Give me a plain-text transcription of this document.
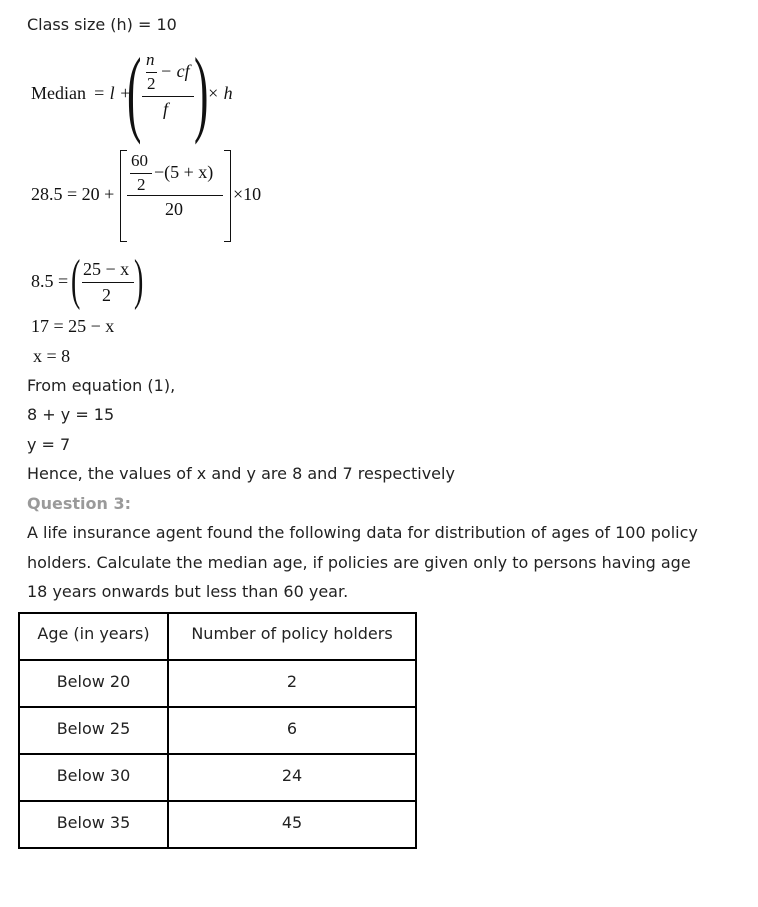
Class size (h) = 10
Median = l +
( n
2
− cf
f )
× h
28.5 = 20 +
60
2
−(5 + x)
20
×10
8.5 = ( 25 − x
2 )
17 = 25 − x
x = 8
From equation (1),
8 + y = 15
y = 7
Hence, the values of x and y are 8 and 7 respectively
Question 3:
A life insurance agent found the following data for distribution of ages of 100 policy
holders. Calculate the median age, if policies are given only to persons having age
18 years onwards but less than 60 year.
Age (in years)	Number of policy holders
Below 20	2
Below 25	6
Below 30	24
Below 35	45
